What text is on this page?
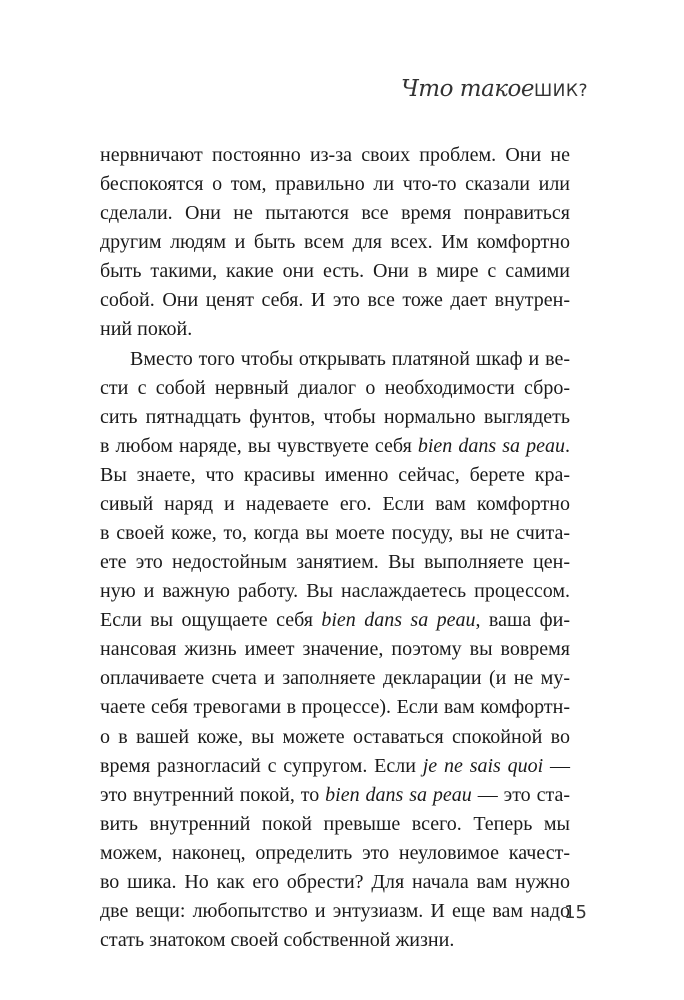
Что такоеШИК?
нервничают постоянно из-за своих проблем. Они не
беспокоятся о том, правильно ли что-то сказали или
сделали. Они не пытаются все время понравиться
другим людям и быть всем для всех. Им комфортно
быть такими, какие они есть. Они в мире с самими
собой. Они ценят себя. И это все тоже дает внутрен-
ний покой.
Вместо того чтобы открывать платяной шкаф и ве-
сти с собой нервный диалог о необходимости сбро-
сить пятнадцать фунтов, чтобы нормально выглядеть
в любом наряде, вы чувствуете себя bien dans sa peau.
Вы знаете, что красивы именно сейчас, берете кра-
сивый наряд и надеваете его. Если вам комфортно
в своей коже, то, когда вы моете посуду, вы не счита-
ете это недостойным занятием. Вы выполняете цен-
ную и важную работу. Вы наслаждаетесь процессом.
Если вы ощущаете себя bien dans sa peau, ваша фи-
нансовая жизнь имеет значение, поэтому вы вовремя
оплачиваете счета и заполняете декларации (и не му-
чаете себя тревогами в процессе). Если вам комфортн-
о в вашей коже, вы можете оставаться спокойной во
время разногласий с супругом. Если je ne sais quoi —
это внутренний покой, то bien dans sa peau — это ста-
вить внутренний покой превыше всего. Теперь мы
можем, наконец, определить это неуловимое качест-
во шика. Но как его обрести? Для начала вам нужно
две вещи: любопытство и энтузиазм. И еще вам надо
стать знатоком своей собственной жизни.
15
